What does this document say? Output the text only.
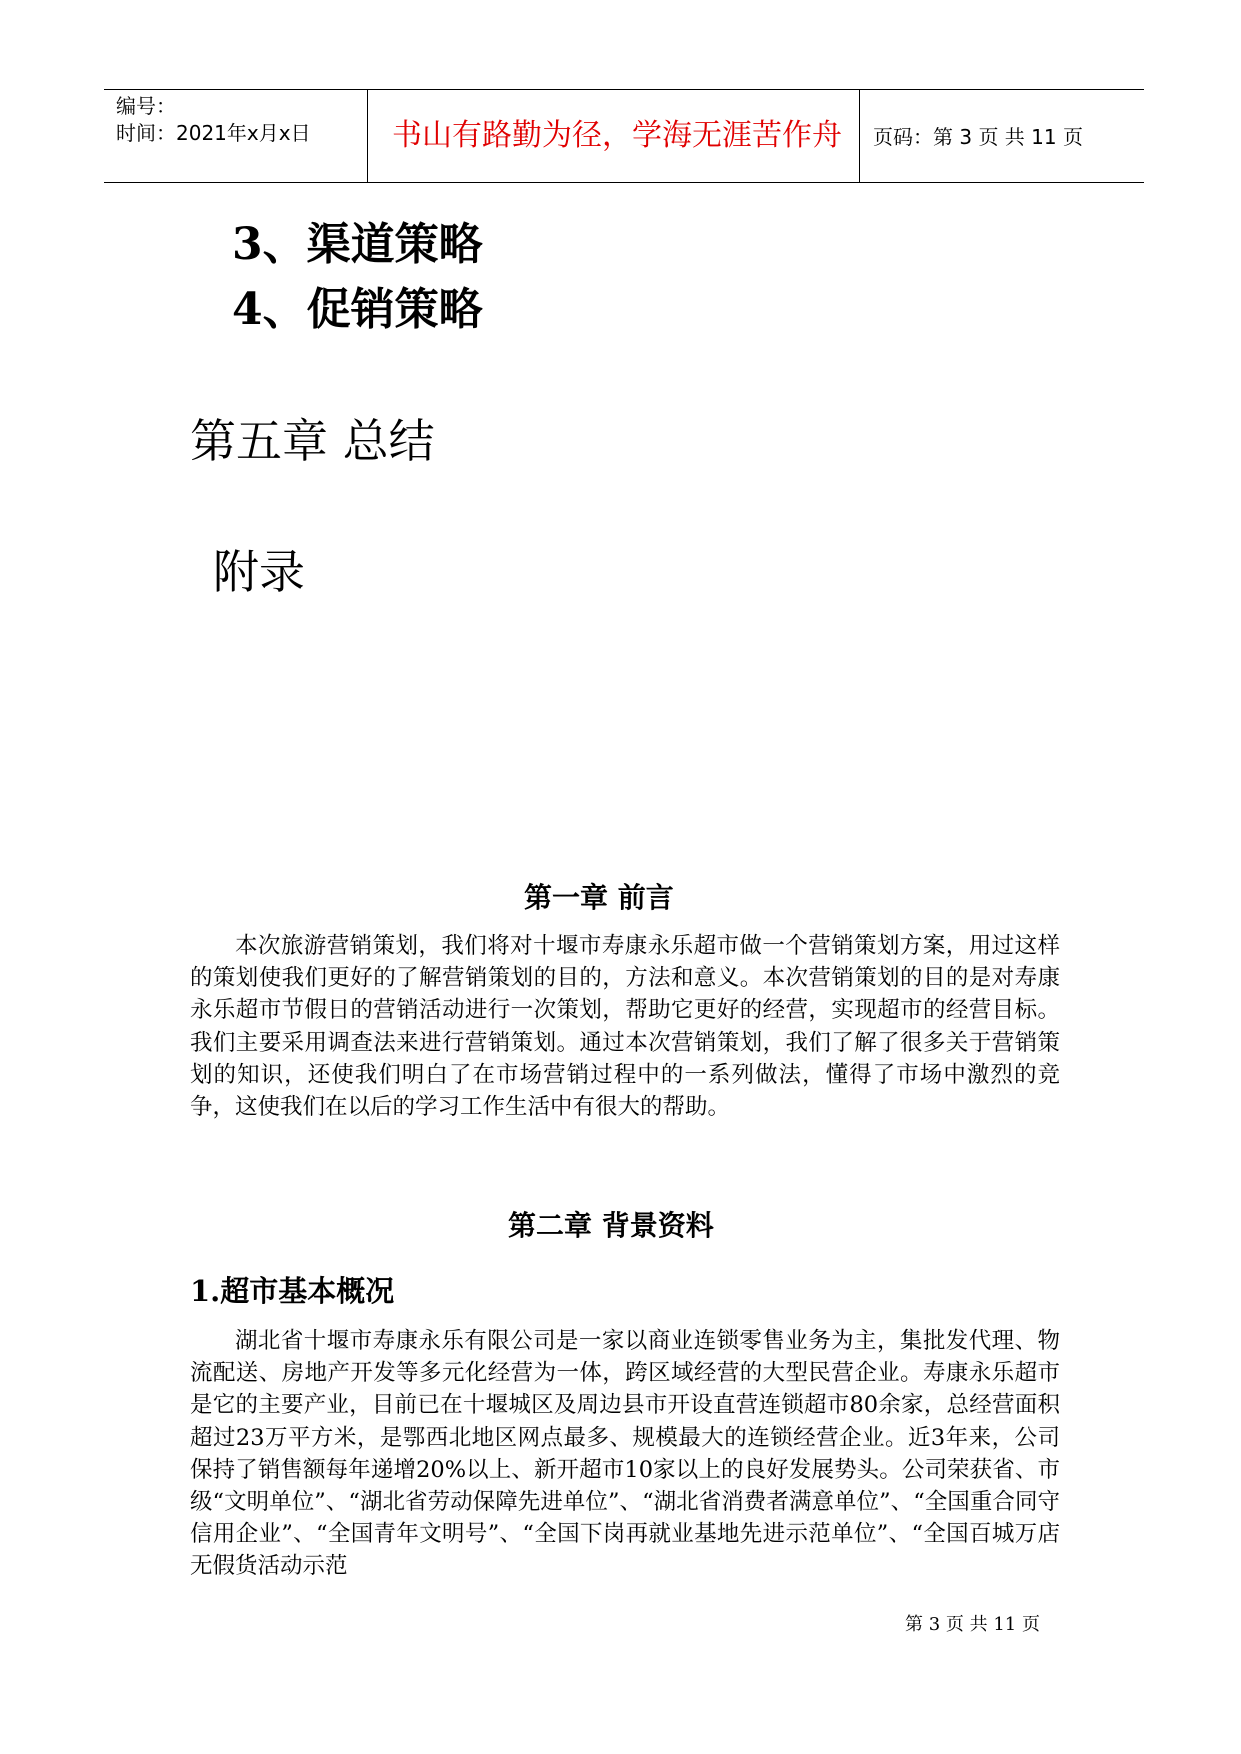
编号：
时间：2021年x月x日	书山有路勤为径，学海无涯苦作舟 页码：第 3 页 共 11 页
3、渠道策略
4、促销策略
第五章 总结
附录
第一章 前言
本次旅游营销策划，我们将对十堰市寿康永乐超市做一个营销策划方案，用过这样的策划使我们更好的了解营销策划的目的，方法和意义。本次营销策划的目的是对寿康永乐超市节假日的营销活动进行一次策划，帮助它更好的经营，实现超市的经营目标。我们主要采用调查法来进行营销策划。通过本次营销策划，我们了解了很多关于营销策划的知识，还使我们明白了在市场营销过程中的一系列做法，懂得了市场中激烈的竞争，这使我们在以后的学习工作生活中有很大的帮助。
第二章 背景资料
1.超市基本概况
湖北省十堰市寿康永乐有限公司是一家以商业连锁零售业务为主，集批发代理、物流配送、房地产开发等多元化经营为一体，跨区域经营的大型民营企业。寿康永乐超市是它的主要产业，目前已在十堰城区及周边县市开设直营连锁超市80余家，总经营面积超过23万平方米，是鄂西北地区网点最多、规模最大的连锁经营企业。近3年来，公司保持了销售额每年递增20%以上、新开超市10家以上的良好发展势头。公司荣获省、市级“文明单位”、“湖北省劳动保障先进单位”、“湖北省消费者满意单位”、“全国重合同守信用企业”、“全国青年文明号”、“全国下岗再就业基地先进示范单位”、“全国百城万店无假货活动示范
第 3 页 共 11 页
